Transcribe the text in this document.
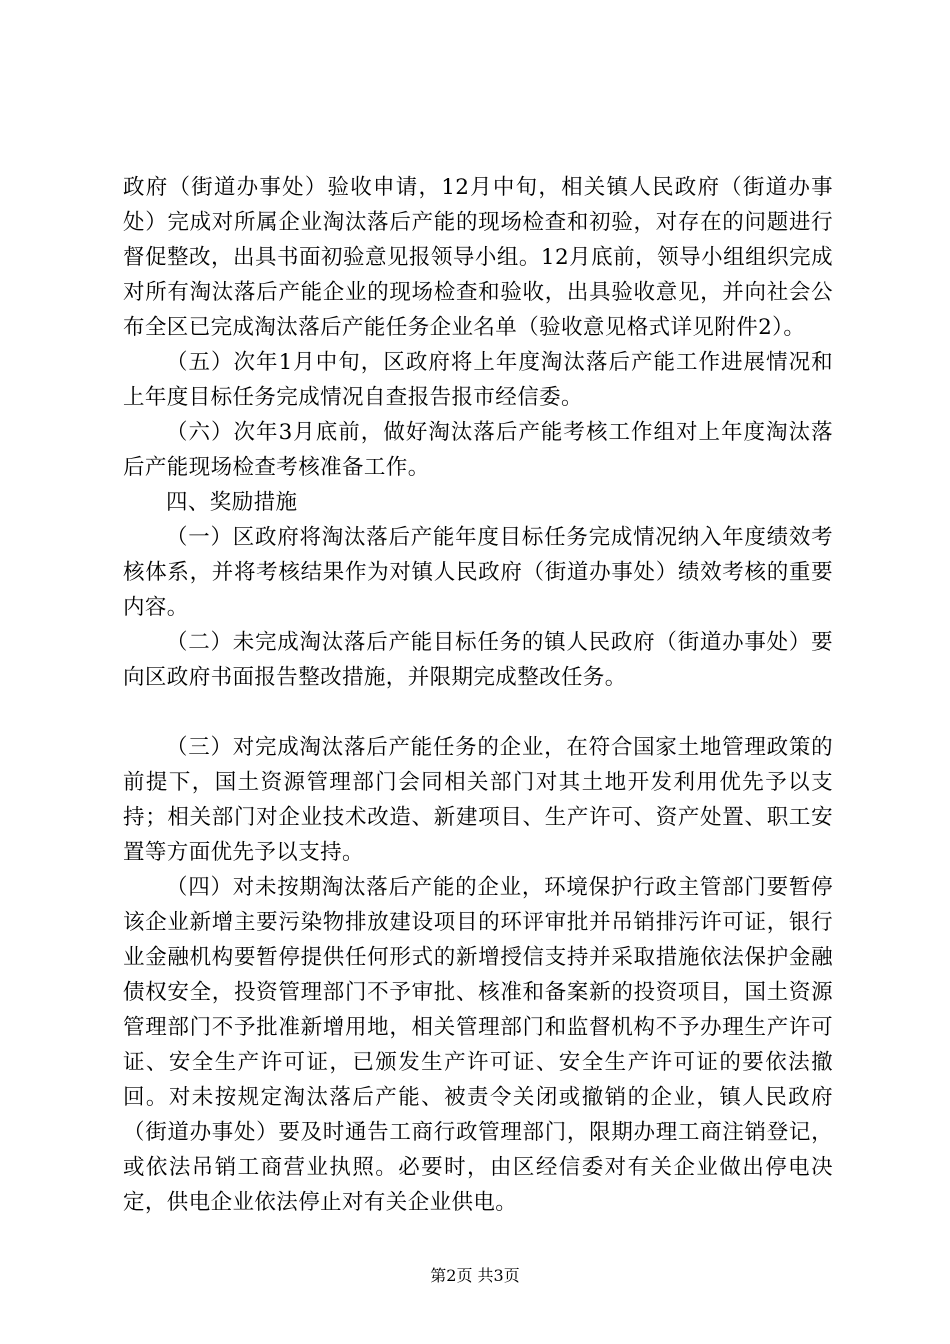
政府（街道办事处）验收申请，12月中旬，相关镇人民政府（街道办事处）完成对所属企业淘汰落后产能的现场检查和初验，对存在的问题进行督促整改，出具书面初验意见报领导小组。12月底前，领导小组组织完成对所有淘汰落后产能企业的现场检查和验收，出具验收意见，并向社会公布全区已完成淘汰落后产能任务企业名单（验收意见格式详见附件2）。

（五）次年1月中旬，区政府将上年度淘汰落后产能工作进展情况和上年度目标任务完成情况自查报告报市经信委。

（六）次年3月底前，做好淘汰落后产能考核工作组对上年度淘汰落后产能现场检查考核准备工作。

四、奖励措施

（一）区政府将淘汰落后产能年度目标任务完成情况纳入年度绩效考核体系，并将考核结果作为对镇人民政府（街道办事处）绩效考核的重要内容。

（二）未完成淘汰落后产能目标任务的镇人民政府（街道办事处）要向区政府书面报告整改措施，并限期完成整改任务。

（三）对完成淘汰落后产能任务的企业，在符合国家土地管理政策的前提下，国土资源管理部门会同相关部门对其土地开发利用优先予以支持；相关部门对企业技术改造、新建项目、生产许可、资产处置、职工安置等方面优先予以支持。

（四）对未按期淘汰落后产能的企业，环境保护行政主管部门要暂停该企业新增主要污染物排放建设项目的环评审批并吊销排污许可证，银行业金融机构要暂停提供任何形式的新增授信支持并采取措施依法保护金融债权安全，投资管理部门不予审批、核准和备案新的投资项目，国土资源管理部门不予批准新增用地，相关管理部门和监督机构不予办理生产许可证、安全生产许可证，已颁发生产许可证、安全生产许可证的要依法撤回。对未按规定淘汰落后产能、被责令关闭或撤销的企业，镇人民政府（街道办事处）要及时通告工商行政管理部门，限期办理工商注销登记，或依法吊销工商营业执照。必要时，由区经信委对有关企业做出停电决定，供电企业依法停止对有关企业供电。

第2页 共3页
